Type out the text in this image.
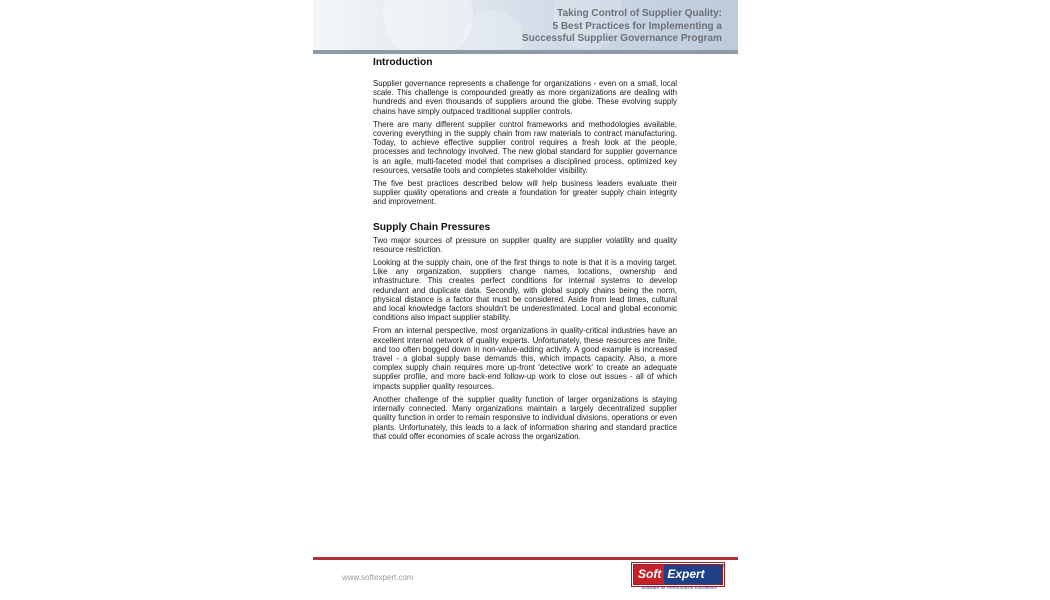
Taking Control of Supplier Quality:
5 Best Practices for Implementing a
Successful Supplier Governance Program
Introduction

Supplier governance represents a challenge for organizations - even on a small, local scale. This challenge is compounded greatly as more organizations are dealing with hundreds and even thousands of suppliers around the globe. These evolving supply chains have simply outpaced traditional supplier controls.

There are many different supplier control frameworks and methodologies available, covering everything in the supply chain from raw materials to contract manufacturing. Today, to achieve effective supplier control requires a fresh look at the people, processes and technology involved. The new global standard for supplier governance is an agile, multi-faceted model that comprises a disciplined process, optimized key resources, versatile tools and completes stakeholder visibility.

The five best practices described below will help business leaders evaluate their supplier quality operations and create a foundation for greater supply chain integrity and improvement.

Supply Chain Pressures

Two major sources of pressure on supplier quality are supplier volatility and quality resource restriction.

Looking at the supply chain, one of the first things to note is that it is a moving target. Like any organization, suppliers change names, locations, ownership and infrastructure. This creates perfect conditions for internal systems to develop redundant and duplicate data. Secondly, with global supply chains being the norm, physical distance is a factor that must be considered. Aside from lead times, cultural and local knowledge factors shouldn't be underestimated. Local and global economic conditions also impact supplier stability.

From an internal perspective, most organizations in quality-critical industries have an excellent internal network of quality experts. Unfortunately, these resources are finite, and too often bogged down in non-value-adding activity. A good example is increased travel - a global supply base demands this, which impacts capacity. Also, a more complex supply chain requires more up-front 'detective work' to create an adequate supplier profile, and more back-end follow-up work to close out issues - all of which impacts supplier quality resources.

Another challenge of the supplier quality function of larger organizations is staying internally connected. Many organizations maintain a largely decentralized supplier quality function in order to remain responsive to individual divisions, operations or even plants. Unfortunately, this leads to a lack of information sharing and standard practice that could offer economies of scale across the organization.

www.softexpert.com	Soft Expert	®
Software for Performance Excellence
